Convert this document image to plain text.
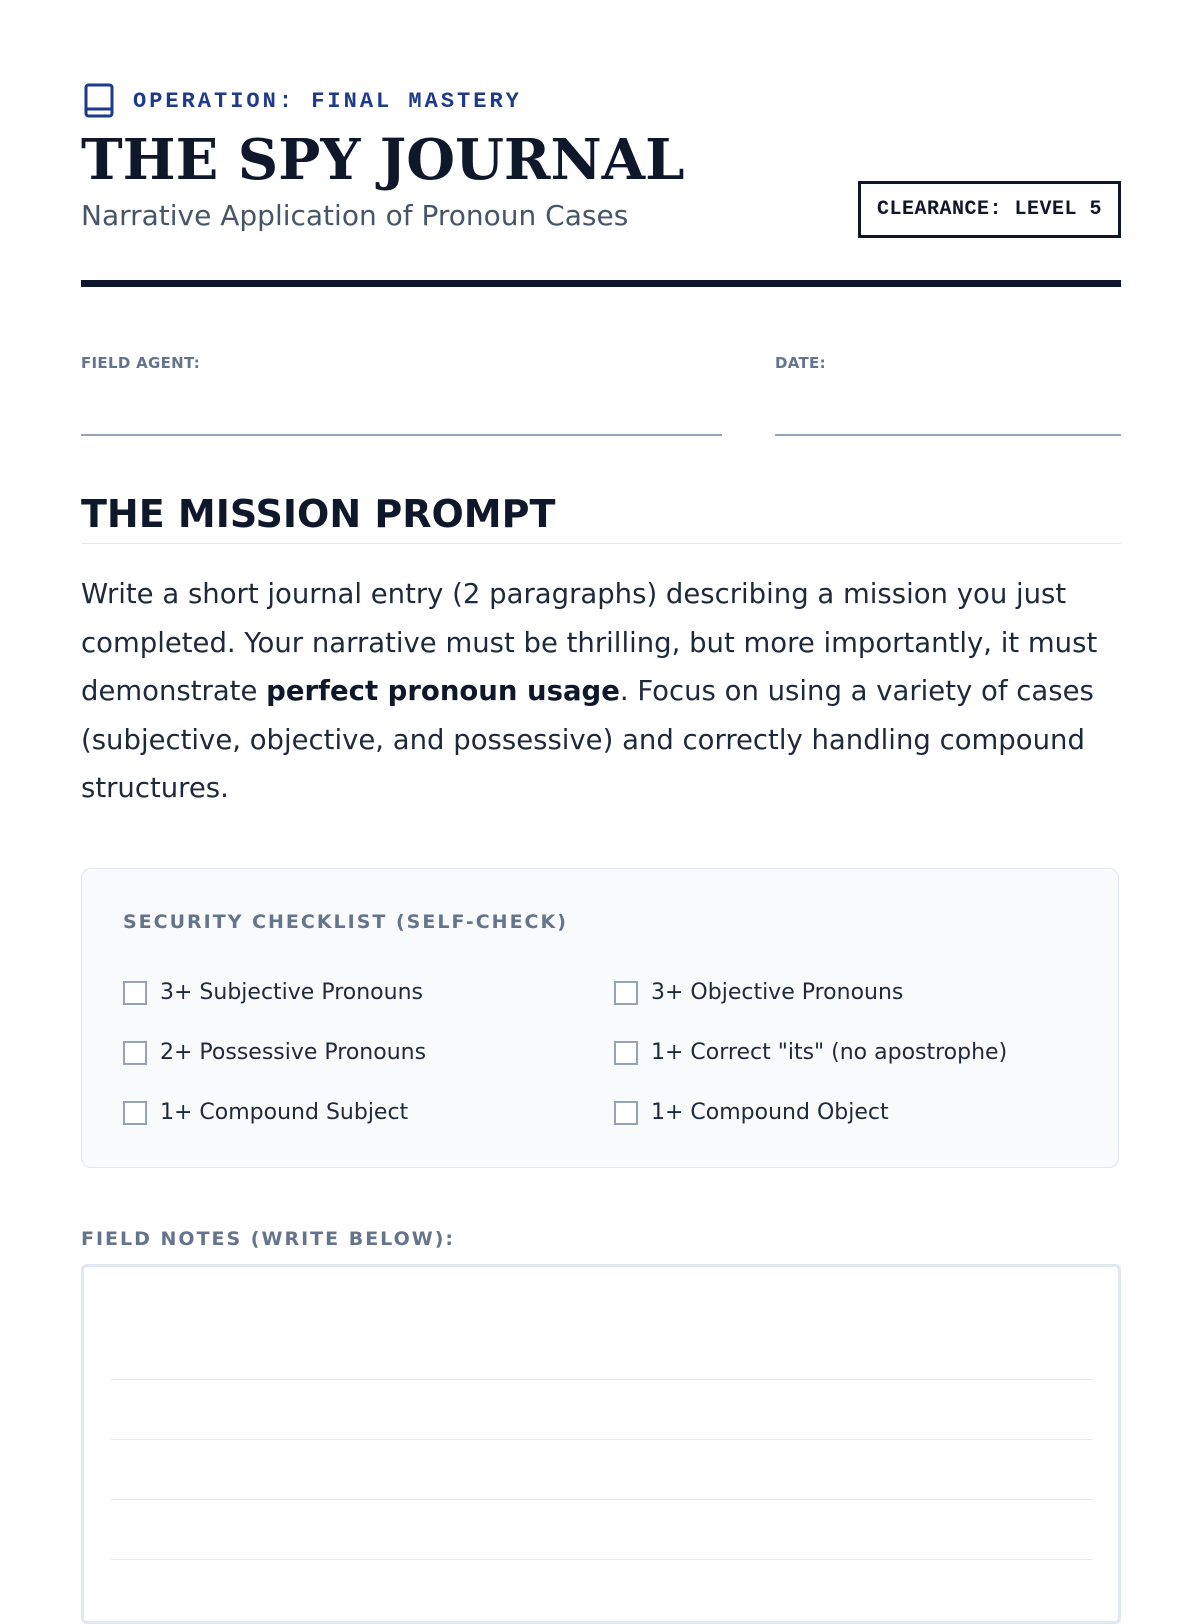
OPERATION: FINAL MASTERY
THE SPY JOURNAL
Narrative Application of Pronoun Cases	CLEARANCE: LEVEL 5
FIELD AGENT:	DATE:
THE MISSION PROMPT

Write a short journal entry (2 paragraphs) describing a mission you just completed. Your narrative must be thrilling, but more importantly, it must demonstrate perfect pronoun usage. Focus on using a variety of cases (subjective, objective, and possessive) and correctly handling compound structures.

SECURITY CHECKLIST (SELF-CHECK)
3+ Subjective Pronouns	3+ Objective Pronouns
2+ Possessive Pronouns	1+ Correct "its" (no apostrophe)
1+ Compound Subject	1+ Compound Object
FIELD NOTES (WRITE BELOW):
